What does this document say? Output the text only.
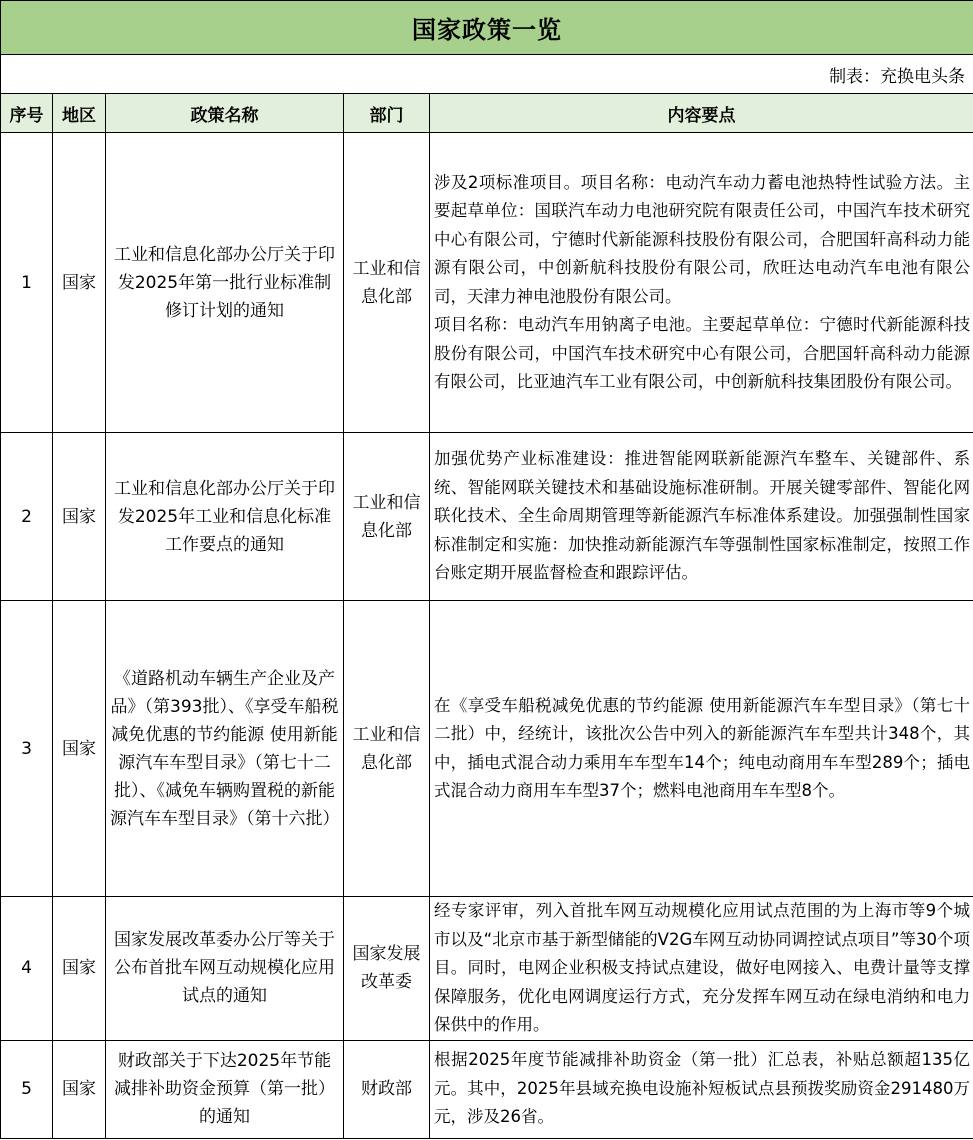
国家政策一览				
制表：充换电头条				
序号	地区	政策名称	部门	内容要点
1	国家	工业和信息化部办公厅关于印发2025年第一批行业标准制修订计划的通知	工业和信息化部	涉及2项标准项目。项目名称：电动汽车动力蓄电池热特性试验方法。主要起草单位：国联汽车动力电池研究院有限责任公司，中国汽车技术研究中心有限公司，宁德时代新能源科技股份有限公司，合肥国轩高科动力能源有限公司，中创新航科技股份有限公司，欣旺达电动汽车电池有限公司，天津力神电池股份有限公司。
项目名称：电动汽车用钠离子电池。主要起草单位：宁德时代新能源科技股份有限公司，中国汽车技术研究中心有限公司，合肥国轩高科动力能源有限公司，比亚迪汽车工业有限公司，中创新航科技集团股份有限公司。

2	国家	工业和信息化部办公厅关于印发2025年工业和信息化标准工作要点的通知	工业和信息化部	加强优势产业标准建设：推进智能网联新能源汽车整车、关键部件、系统、智能网联关键技术和基础设施标准研制。开展关键零部件、智能化网联化技术、全生命周期管理等新能源汽车标准体系建设。加强强制性国家标准制定和实施：加快推动新能源汽车等强制性国家标准制定，按照工作台账定期开展监督检查和跟踪评估。

3	国家	《道路机动车辆生产企业及产品》（第393批）、《享受车船税减免优惠的节约能源 使用新能源汽车车型目录》（第七十二批）、《减免车辆购置税的新能源汽车车型目录》（第十六批）	工业和信息化部	在《享受车船税减免优惠的节约能源 使用新能源汽车车型目录》（第七十二批）中，经统计，该批次公告中列入的新能源汽车车型共计348个，其中，插电式混合动力乘用车车型车14个；纯电动商用车车型289个；插电式混合动力商用车车型37个；燃料电池商用车车型8个。

4	国家	国家发展改革委办公厅等关于公布首批车网互动规模化应用试点的通知	国家发展改革委	经专家评审，列入首批车网互动规模化应用试点范围的为上海市等9个城市以及“北京市基于新型储能的V2G车网互动协同调控试点项目”等30个项目。同时，电网企业积极支持试点建设，做好电网接入、电费计量等支撑保障服务，优化电网调度运行方式，充分发挥车网互动在绿电消纳和电力保供中的作用。

5	国家	财政部关于下达2025年节能减排补助资金预算（第一批）的通知	财政部	根据2025年度节能减排补助资金（第一批）汇总表，补贴总额超135亿元。其中，2025年县域充换电设施补短板试点县预拨奖励资金291480万元，涉及26省。
